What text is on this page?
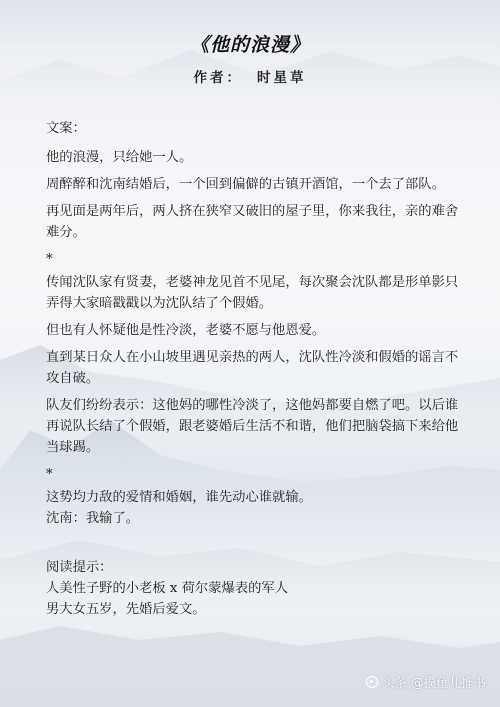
《他的浪漫》
作者： 时星草

文案：

他的浪漫，只给她一人。

周醉醉和沈南结婚后，一个回到偏僻的古镇开酒馆，一个去了部队。

再见面是两年后，两人挤在狭窄又破旧的屋子里，你来我往，亲的难舍难分。

*

传闻沈队家有贤妻，老婆神龙见首不见尾，每次聚会沈队都是形单影只弄得大家暗戳戳以为沈队结了个假婚。

但也有人怀疑他是性冷淡，老婆不愿与他恩爱。

直到某日众人在小山坡里遇见亲热的两人，沈队性冷淡和假婚的谣言不攻自破。

队友们纷纷表示：这他妈的哪性冷淡了，这他妈都要自燃了吧。以后谁再说队长结了个假婚，跟老婆婚后生活不和谐，他们把脑袋搞下来给他当球踢。

*

这势均力敌的爱情和婚姻，谁先动心谁就输。

沈南：我输了。

阅读提示：

人美性子野的小老板 x 荷尔蒙爆表的军人

男大女五岁，先婚后爱文。

头条 @摸鱼儿推书
